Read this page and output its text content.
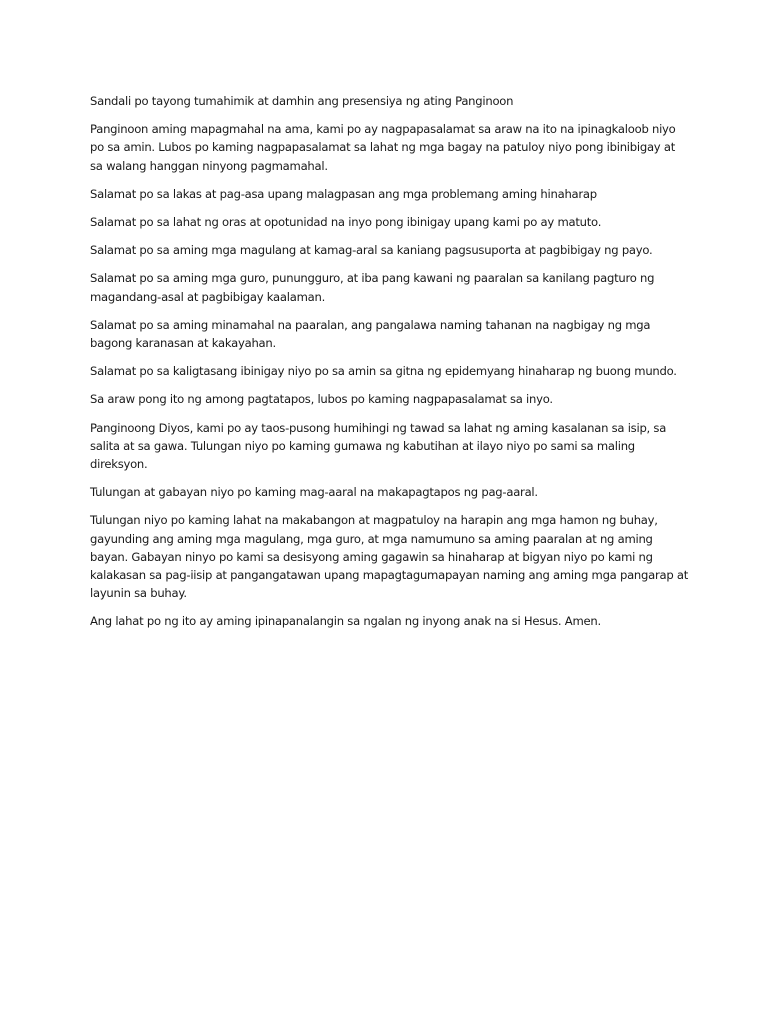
Sandali po tayong tumahimik at damhin ang presensiya ng ating Panginoon

Panginoon aming mapagmahal na ama, kami po ay nagpapasalamat sa araw na ito na ipinagkaloob niyo po sa amin. Lubos po kaming nagpapasalamat sa lahat ng mga bagay na patuloy niyo pong ibinibigay at sa walang hanggan ninyong pagmamahal.

Salamat po sa lakas at pag-asa upang malagpasan ang mga problemang aming hinaharap

Salamat po sa lahat ng oras at opotunidad na inyo pong ibinigay upang kami po ay matuto.

Salamat po sa aming mga magulang at kamag-aral sa kaniang pagsusuporta at pagbibigay ng payo.

Salamat po sa aming mga guro, punungguro, at iba pang kawani ng paaralan sa kanilang pagturo ng magandang-asal at pagbibigay kaalaman.

Salamat po sa aming minamahal na paaralan, ang pangalawa naming tahanan na nagbigay ng mga bagong karanasan at kakayahan.

Salamat po sa kaligtasang ibinigay niyo po sa amin sa gitna ng epidemyang hinaharap ng buong mundo.

Sa araw pong ito ng among pagtatapos, lubos po kaming nagpapasalamat sa inyo.

Panginoong Diyos, kami po ay taos-pusong humihingi ng tawad sa lahat ng aming kasalanan sa isip, sa salita at sa gawa. Tulungan niyo po kaming gumawa ng kabutihan at ilayo niyo po sami sa maling direksyon.

Tulungan at gabayan niyo po kaming mag-aaral na makapagtapos ng pag-aaral.

Tulungan niyo po kaming lahat na makabangon at magpatuloy na harapin ang mga hamon ng buhay, gayunding ang aming mga magulang, mga guro, at mga namumuno sa aming paaralan at ng aming bayan. Gabayan ninyo po kami sa desisyong aming gagawin sa hinaharap at bigyan niyo po kami ng kalakasan sa pag-iisip at pangangatawan upang mapagtagumapayan naming ang aming mga pangarap at layunin sa buhay.

Ang lahat po ng ito ay aming ipinapanalangin sa ngalan ng inyong anak na si Hesus. Amen.
